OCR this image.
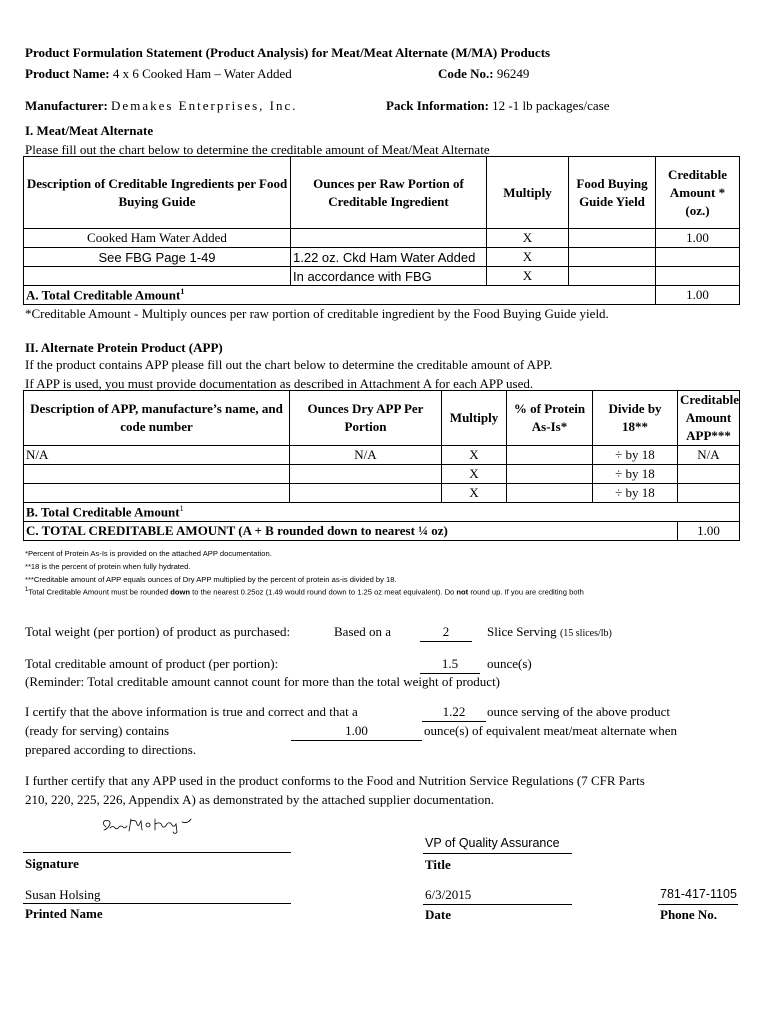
Product Formulation Statement (Product Analysis) for Meat/Meat Alternate (M/MA) Products
Product Name: 4 x 6 Cooked Ham – Water Added	Code No.: 96249
Manufacturer: Demakes Enterprises, Inc.	Pack Information: 12 -1 lb packages/case
I. Meat/Meat Alternate
Please fill out the chart below to determine the creditable amount of Meat/Meat Alternate
Description of Creditable Ingredients per Food Buying Guide	Ounces per Raw Portion of Creditable Ingredient	Multiply	Food Buying Guide Yield	Creditable Amount * (oz.)
Cooked Ham Water Added		X		1.00
See FBG Page 1-49	1.22 oz. Ckd Ham Water Added	X		
	In accordance with FBG	X		
A. Total Creditable Amount$^1$				1.00
*Creditable Amount - Multiply ounces per raw portion of creditable ingredient by the Food Buying Guide yield.
II. Alternate Protein Product (APP)
If the product contains APP please fill out the chart below to determine the creditable amount of APP.
If APP is used, you must provide documentation as described in Attachment A for each APP used.
Description of APP, manufacture’s name, and code number	Ounces Dry APP Per Portion	Multiply	% of Protein As-Is*	Divide by 18**	Creditable Amount APP***
N/A	N/A	X		÷ by 18	N/A
		X		÷ by 18	
		X		÷ by 18	
B. Total Creditable Amount$^1$
C. TOTAL CREDITABLE AMOUNT (A + B rounded down to nearest ¼ oz)					1.00
*Percent of Protein As-Is is provided on the attached APP documentation.
**18 is the percent of protein when fully hydrated.
***Creditable amount of APP equals ounces of Dry APP multiplied by the percent of protein as-is divided by 18.
$^1$Total Creditable Amount must be rounded down to the nearest 0.25oz (1.49 would round down to 1.25 oz meat equivalent). Do not round up. If you are crediting both
Total weight (per portion) of product as purchased:	Based on a	2	Slice Serving (15 slices/lb)
Total creditable amount of product (per portion):	1.5	ounce(s)
(Reminder: Total creditable amount cannot count for more than the total weight of product)
I certify that the above information is true and correct and that a	1.22	ounce serving of the above product
(ready for serving) contains	1.00	ounce(s) of equivalent meat/meat alternate when
prepared according to directions.
I further certify that any APP used in the product conforms to the Food and Nutrition Service Regulations (7 CFR Parts
210, 220, 225, 226, Appendix A) as demonstrated by the attached supplier documentation.
Signature
VP of Quality Assurance
Title
Susan Holsing
Printed Name
6/3/2015
Date
781-417-1105
Phone No.
